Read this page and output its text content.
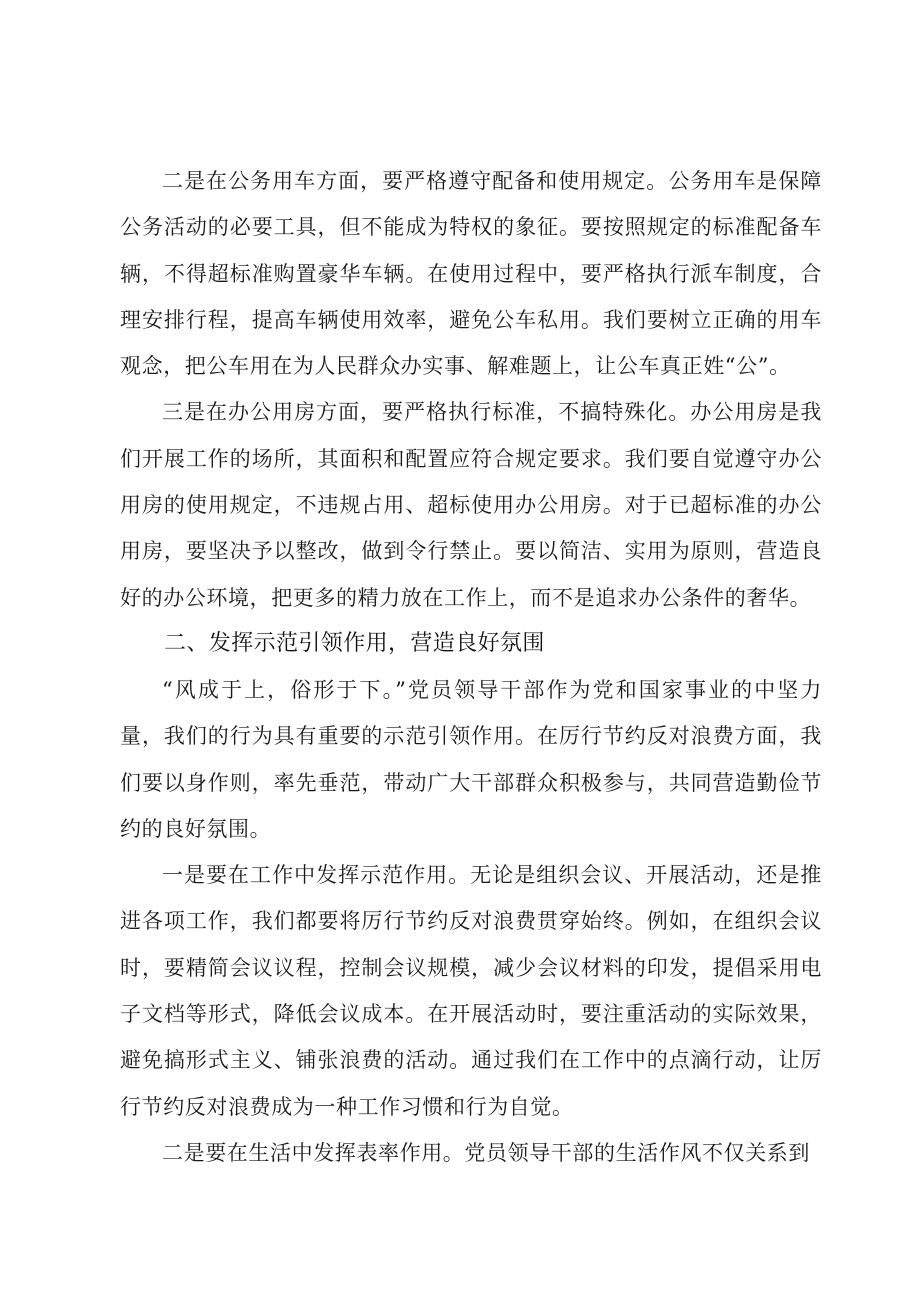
二是在公务用车方面，要严格遵守配备和使用规定。公务用车是保障公务活动的必要工具，但不能成为特权的象征。要按照规定的标准配备车辆，不得超标准购置豪华车辆。在使用过程中，要严格执行派车制度，合理安排行程，提高车辆使用效率，避免公车私用。我们要树立正确的用车观念，把公车用在为人民群众办实事、解难题上，让公车真正姓“公”。

三是在办公用房方面，要严格执行标准，不搞特殊化。办公用房是我们开展工作的场所，其面积和配置应符合规定要求。我们要自觉遵守办公用房的使用规定，不违规占用、超标使用办公用房。对于已超标准的办公用房，要坚决予以整改，做到令行禁止。要以简洁、实用为原则，营造良好的办公环境，把更多的精力放在工作上，而不是追求办公条件的奢华。

二、发挥示范引领作用，营造良好氛围

“风成于上，俗形于下。”党员领导干部作为党和国家事业的中坚力量，我们的行为具有重要的示范引领作用。在厉行节约反对浪费方面，我们要以身作则，率先垂范，带动广大干部群众积极参与，共同营造勤俭节约的良好氛围。

一是要在工作中发挥示范作用。无论是组织会议、开展活动，还是推进各项工作，我们都要将厉行节约反对浪费贯穿始终。例如，在组织会议时，要精简会议议程，控制会议规模，减少会议材料的印发，提倡采用电子文档等形式，降低会议成本。在开展活动时，要注重活动的实际效果，避免搞形式主义、铺张浪费的活动。通过我们在工作中的点滴行动，让厉行节约反对浪费成为一种工作习惯和行为自觉。

二是要在生活中发挥表率作用。党员领导干部的生活作风不仅关系到
